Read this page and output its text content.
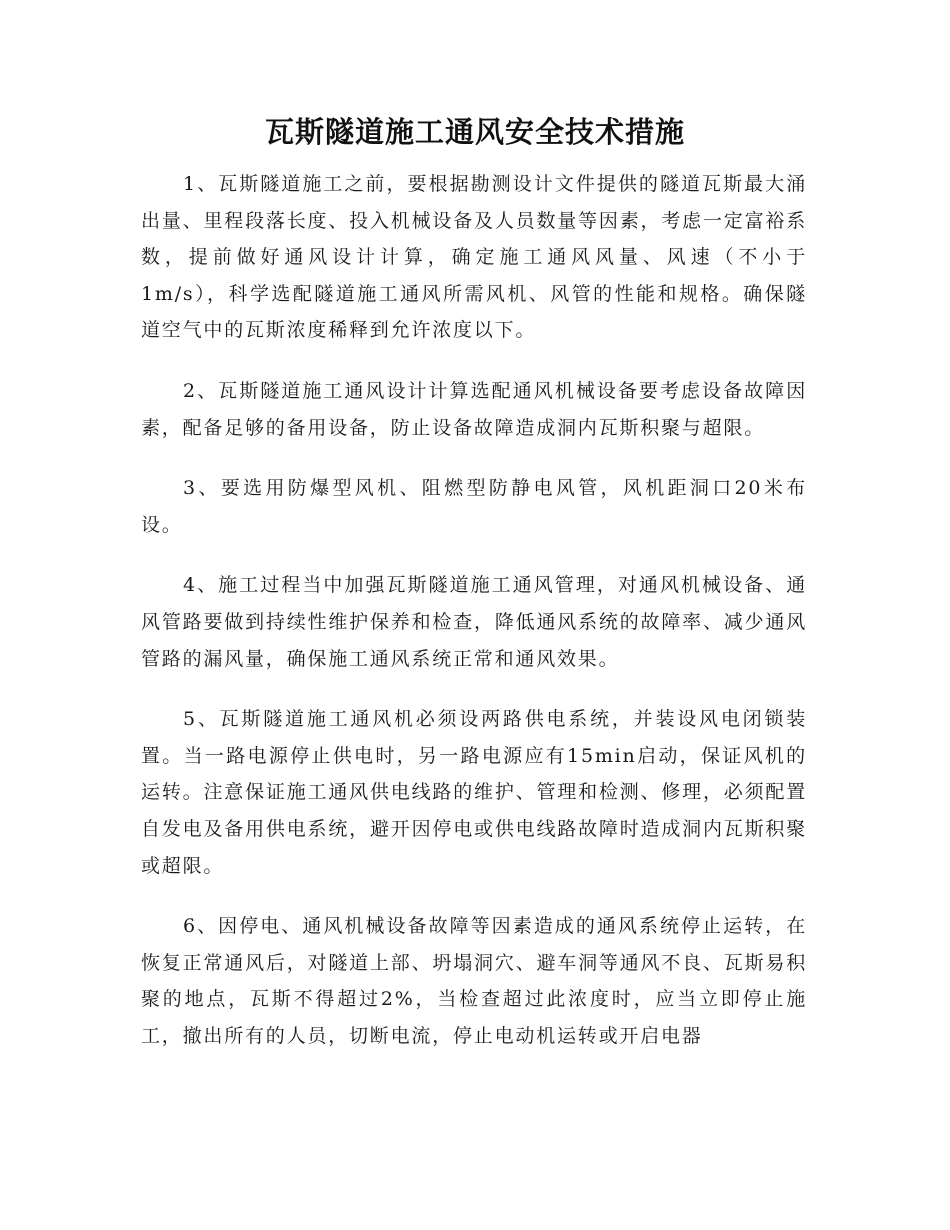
瓦斯隧道施工通风安全技术措施

1、瓦斯隧道施工之前，要根据勘测设计文件提供的隧道瓦斯最大涌出量、里程段落长度、投入机械设备及人员数量等因素，考虑一定富裕系数，提前做好通风设计计算，确定施工通风风量、风速（不小于1m/s），科学选配隧道施工通风所需风机、风管的性能和规格。确保隧道空气中的瓦斯浓度稀释到允许浓度以下。

2、瓦斯隧道施工通风设计计算选配通风机械设备要考虑设备故障因素，配备足够的备用设备，防止设备故障造成洞内瓦斯积聚与超限。

3、要选用防爆型风机、阻燃型防静电风管，风机距洞口20米布设。

4、施工过程当中加强瓦斯隧道施工通风管理，对通风机械设备、通风管路要做到持续性维护保养和检查，降低通风系统的故障率、减少通风管路的漏风量，确保施工通风系统正常和通风效果。

5、瓦斯隧道施工通风机必须设两路供电系统，并装设风电闭锁装置。当一路电源停止供电时，另一路电源应有15min启动，保证风机的运转。注意保证施工通风供电线路的维护、管理和检测、修理，必须配置自发电及备用供电系统，避开因停电或供电线路故障时造成洞内瓦斯积聚或超限。

6、因停电、通风机械设备故障等因素造成的通风系统停止运转，在恢复正常通风后，对隧道上部、坍塌洞穴、避车洞等通风不良、瓦斯易积聚的地点，瓦斯不得超过2%，当检查超过此浓度时，应当立即停止施工，撤出所有的人员，切断电流，停止电动机运转或开启电器
